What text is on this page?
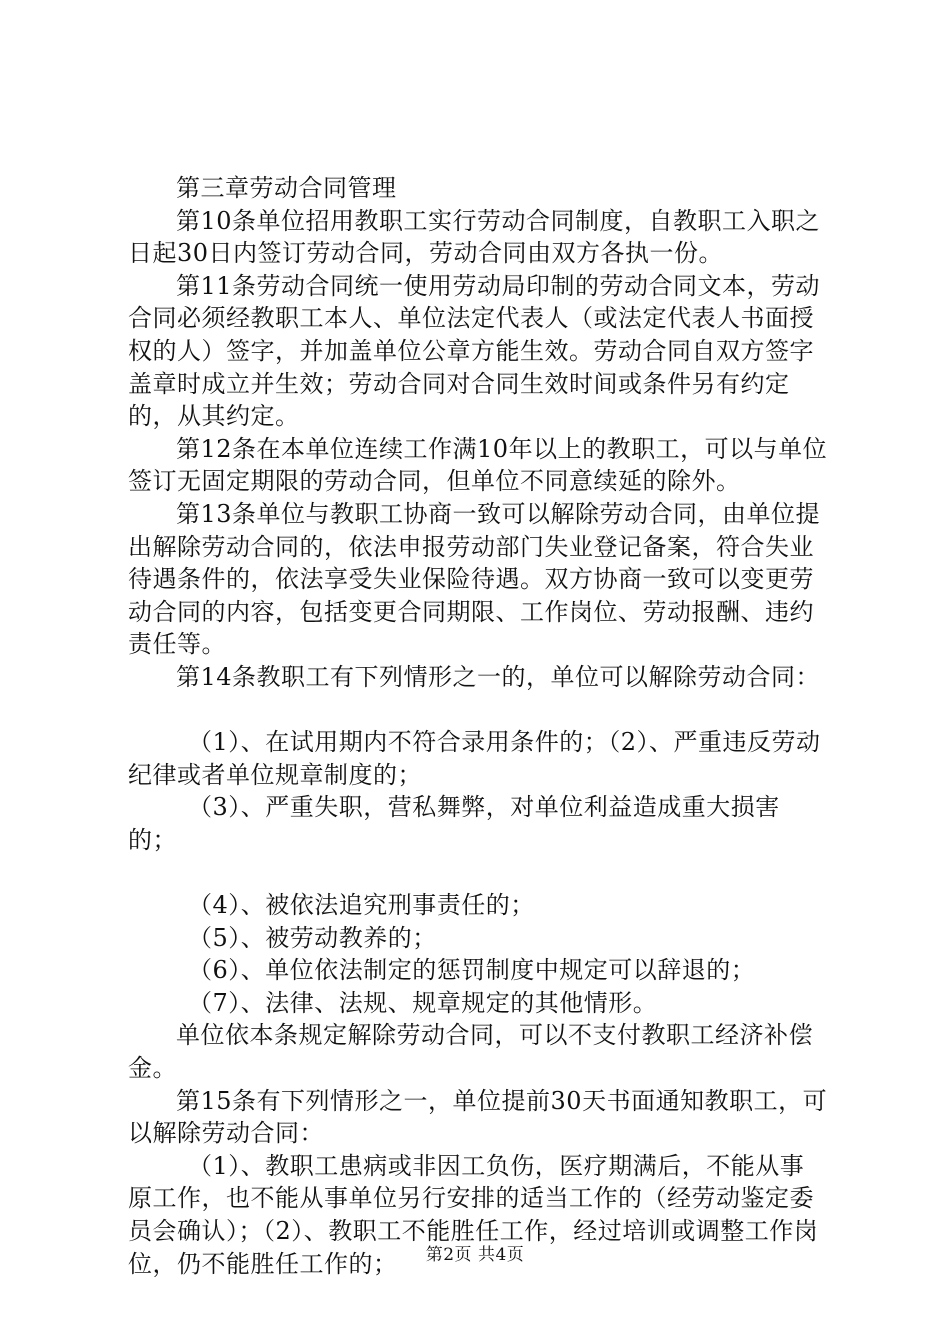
第三章劳动合同管理

第10条单位招用教职工实行劳动合同制度，自教职工入职之日起30日内签订劳动合同，劳动合同由双方各执一份。

第11条劳动合同统一使用劳动局印制的劳动合同文本，劳动合同必须经教职工本人、单位法定代表人（或法定代表人书面授权的人）签字，并加盖单位公章方能生效。劳动合同自双方签字盖章时成立并生效；劳动合同对合同生效时间或条件另有约定的，从其约定。

第12条在本单位连续工作满10年以上的教职工，可以与单位签订无固定期限的劳动合同，但单位不同意续延的除外。

第13条单位与教职工协商一致可以解除劳动合同，由单位提出解除劳动合同的，依法申报劳动部门失业登记备案，符合失业待遇条件的，依法享受失业保险待遇。双方协商一致可以变更劳动合同的内容，包括变更合同期限、工作岗位、劳动报酬、违约责任等。

第14条教职工有下列情形之一的，单位可以解除劳动合同：

（1）、在试用期内不符合录用条件的；（2）、严重违反劳动纪律或者单位规章制度的；

（3）、严重失职，营私舞弊，对单位利益造成重大损害的；

（4）、被依法追究刑事责任的；

（5）、被劳动教养的；

（6）、单位依法制定的惩罚制度中规定可以辞退的；

（7）、法律、法规、规章规定的其他情形。

单位依本条规定解除劳动合同，可以不支付教职工经济补偿金。

第15条有下列情形之一，单位提前30天书面通知教职工，可以解除劳动合同：

（1）、教职工患病或非因工负伤，医疗期满后，不能从事原工作，也不能从事单位另行安排的适当工作的（经劳动鉴定委员会确认）；（2）、教职工不能胜任工作，经过培训或调整工作岗位，仍不能胜任工作的；	第2页 共4页
